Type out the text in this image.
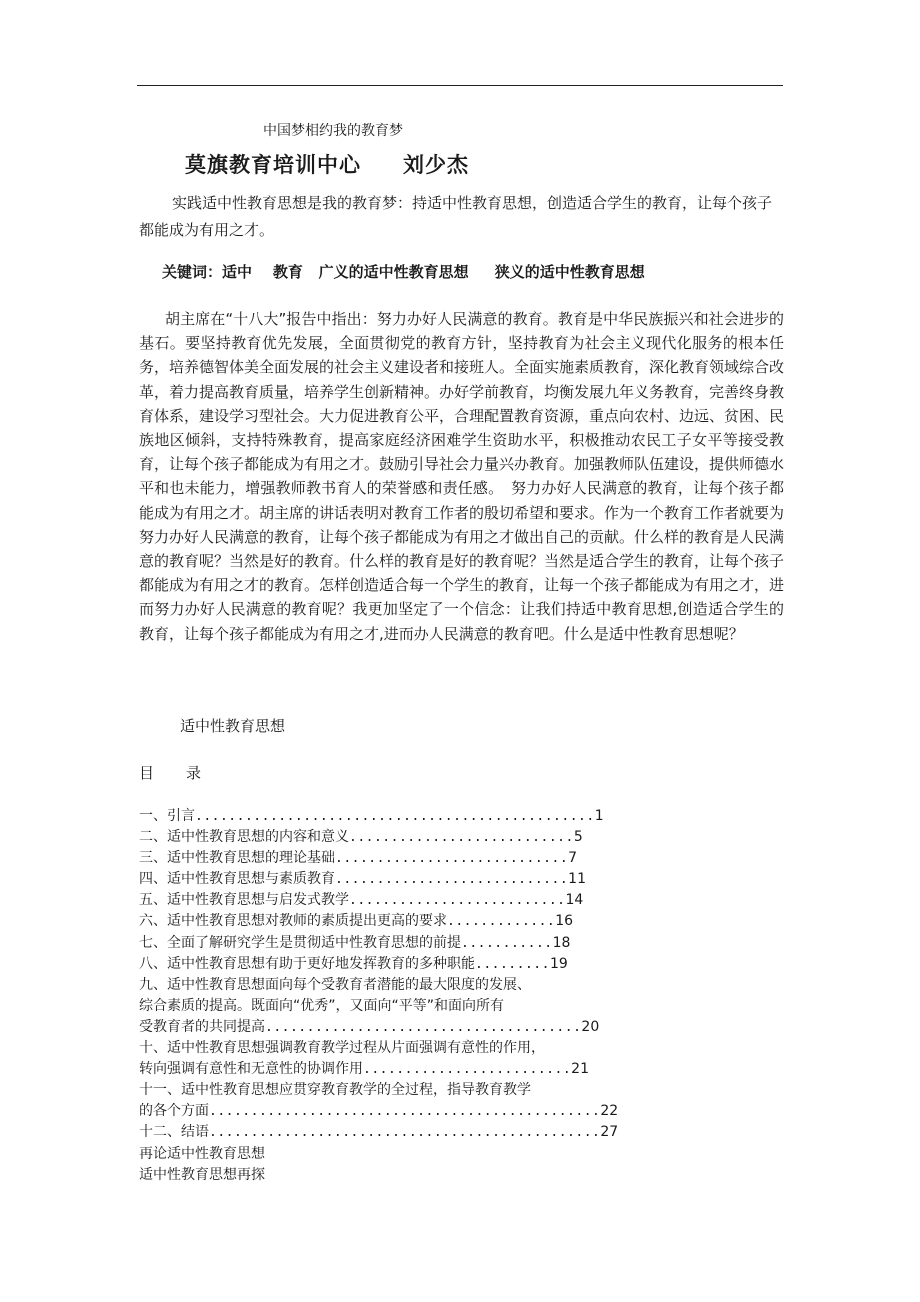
中国梦相约我的教育梦
莫旗教育培训中心 刘少杰
实践适中性教育思想是我的教育梦：持适中性教育思想，创造适合学生的教育，让每个孩子都能成为有用之才。
关键词：适中 教育 广义的适中性教育思想 狭义的适中性教育思想
胡主席在“十八大”报告中指出：努力办好人民满意的教育。教育是中华民族振兴和社会进步的基石。要坚持教育优先发展，全面贯彻党的教育方针，坚持教育为社会主义现代化服务的根本任务，培养德智体美全面发展的社会主义建设者和接班人。全面实施素质教育，深化教育领域综合改革，着力提高教育质量，培养学生创新精神。办好学前教育，均衡发展九年义务教育，完善终身教育体系，建设学习型社会。大力促进教育公平，合理配置教育资源，重点向农村、边远、贫困、民族地区倾斜，支持特殊教育，提高家庭经济困难学生资助水平，积极推动农民工子女平等接受教育，让每个孩子都能成为有用之才。鼓励引导社会力量兴办教育。加强教师队伍建设，提供师德水平和也未能力，增强教师教书育人的荣誉感和责任感。　努力办好人民满意的教育，让每个孩子都能成为有用之才。胡主席的讲话表明对教育工作者的殷切希望和要求。作为一个教育工作者就要为努力办好人民满意的教育，让每个孩子都能成为有用之才做出自己的贡献。什么样的教育是人民满意的教育呢？当然是好的教育。什么样的教育是好的教育呢？当然是适合学生的教育，让每个孩子都能成为有用之才的教育。怎样创造适合每一个学生的教育，让每一个孩子都能成为有用之才，进而努力办好人民满意的教育呢？我更加坚定了一个信念：让我们持适中教育思想,创造适合学生的教育，让每个孩子都能成为有用之才,进而办人民满意的教育吧。什么是适中性教育思想呢？
适中性教育思想
目 录
一、引言................................................1
二、适中性教育思想的内容和意义...........................5
三、适中性教育思想的理论基础............................7
四、适中性教育思想与素质教育............................11
五、适中性教育思想与启发式教学..........................14
六、适中性教育思想对教师的素质提出更高的要求.............16
七、全面了解研究学生是贯彻适中性教育思想的前提...........18
八、适中性教育思想有助于更好地发挥教育的多种职能.........19
九、适中性教育思想面向每个受教育者潜能的最大限度的发展、
综合素质的提高。既面向“优秀”，又面向“平等”和面向所有
受教育者的共同提高......................................20
十、适中性教育思想强调教育教学过程从片面强调有意性的作用，
转向强调有意性和无意性的协调作用.........................21
十一、适中性教育思想应贯穿教育教学的全过程，指导教育教学
的各个方面...............................................22
十二、结语...............................................27
再论适中性教育思想
适中性教育思想再探
